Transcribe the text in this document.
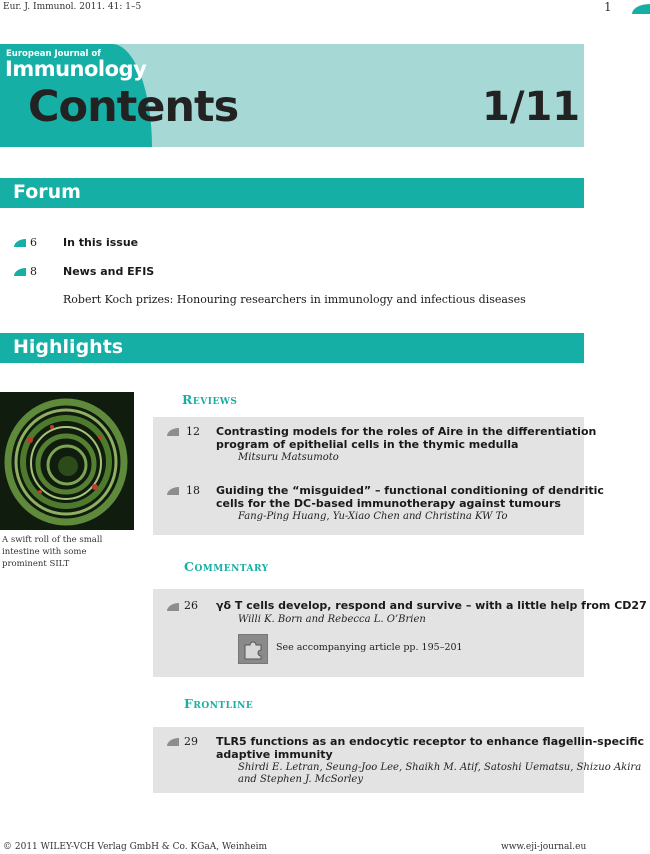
Eur. J. Immunol. 2011. 41: 1–5	1
European Journal of
Immunology
Contents	1/11
Forum
6 In this issue
8 News and EFIS
Robert Koch prizes: Honouring researchers in immunology and infectious diseases
Highlights
A swift roll of the small intestine with some prominent SILT
Reviews
12 Contrasting models for the roles of Aire in the differentiation
program of epithelial cells in the thymic medulla
Mitsuru Matsumoto
18 Guiding the “misguided” – functional conditioning of dendritic
cells for the DC-based immunotherapy against tumours
Fang-Ping Huang, Yu-Xiao Chen and Christina KW To
Commentary
26 γδ T cells develop, respond and survive – with a little help from CD27
Willi K. Born and Rebecca L. O’Brien
See accompanying article pp. 195–201
Frontline
29 TLR5 functions as an endocytic receptor to enhance flagellin-specific
adaptive immunity
Shirdi E. Letran, Seung-Joo Lee, Shaikh M. Atif, Satoshi Uematsu, Shizuo Akira
and Stephen J. McSorley
© 2011 WILEY-VCH Verlag GmbH & Co. KGaA, Weinheim	www.eji-journal.eu
